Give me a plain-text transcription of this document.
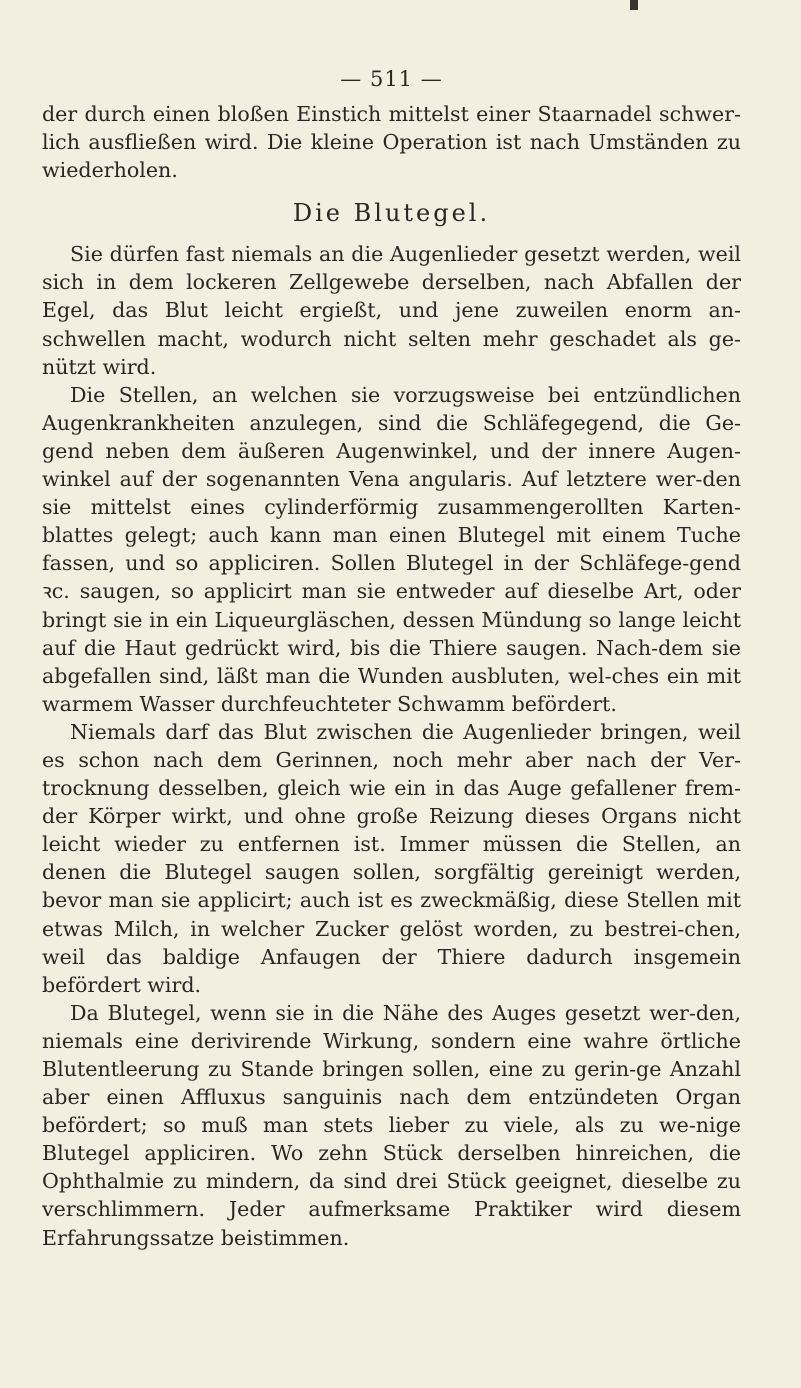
— 511 —

der durch einen bloßen Einstich mittelst einer Staarnadel schwer-lich ausfließen wird. Die kleine Operation ist nach Umständen zu wiederholen.

Die Blutegel.

Sie dürfen fast niemals an die Augenlieder gesetzt werden, weil sich in dem lockeren Zellgewebe derselben, nach Abfallen der Egel, das Blut leicht ergießt, und jene zuweilen enorm an-schwellen macht, wodurch nicht selten mehr geschadet als ge-nützt wird.

Die Stellen, an welchen sie vorzugsweise bei entzündlichen Augenkrankheiten anzulegen, sind die Schläfegegend, die Ge-gend neben dem äußeren Augenwinkel, und der innere Augen-winkel auf der sogenannten Vena angularis. Auf letztere wer-den sie mittelst eines cylinderförmig zusammengerollten Karten-blattes gelegt; auch kann man einen Blutegel mit einem Tuche fassen, und so appliciren. Sollen Blutegel in der Schläfege-gend ꝛc. saugen, so applicirt man sie entweder auf dieselbe Art, oder bringt sie in ein Liqueurgläschen, dessen Mündung so lange leicht auf die Haut gedrückt wird, bis die Thiere saugen. Nach-dem sie abgefallen sind, läßt man die Wunden ausbluten, wel-ches ein mit warmem Wasser durchfeuchteter Schwamm befördert.

Niemals darf das Blut zwischen die Augenlieder bringen, weil es schon nach dem Gerinnen, noch mehr aber nach der Ver-trocknung desselben, gleich wie ein in das Auge gefallener frem-der Körper wirkt, und ohne große Reizung dieses Organs nicht leicht wieder zu entfernen ist. Immer müssen die Stellen, an denen die Blutegel saugen sollen, sorgfältig gereinigt werden, bevor man sie applicirt; auch ist es zweckmäßig, diese Stellen mit etwas Milch, in welcher Zucker gelöst worden, zu bestrei-chen, weil das baldige Anfaugen der Thiere dadurch insgemein befördert wird.

Da Blutegel, wenn sie in die Nähe des Auges gesetzt wer-den, niemals eine derivirende Wirkung, sondern eine wahre örtliche Blutentleerung zu Stande bringen sollen, eine zu gerin-ge Anzahl aber einen Affluxus sanguinis nach dem entzündeten Organ befördert; so muß man stets lieber zu viele, als zu we-nige Blutegel appliciren. Wo zehn Stück derselben hinreichen, die Ophthalmie zu mindern, da sind drei Stück geeignet, dieselbe zu verschlimmern. Jeder aufmerksame Praktiker wird diesem Erfahrungssatze beistimmen.
